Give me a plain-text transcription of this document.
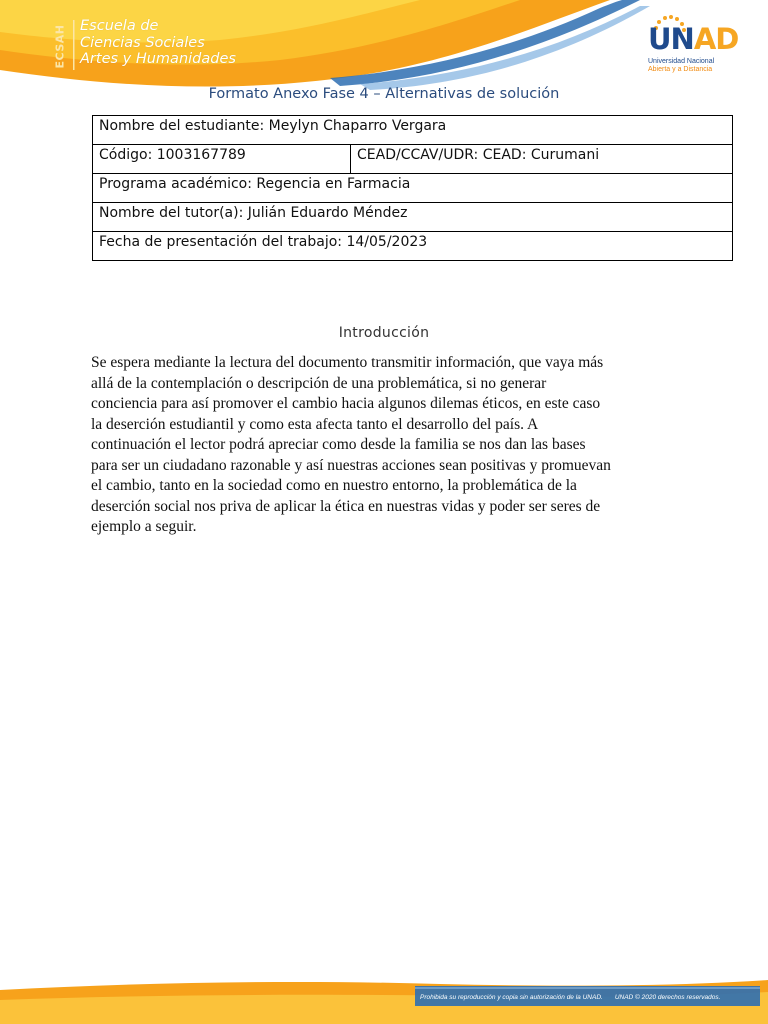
ECSAH Escuela de
Ciencias Sociales
Artes y Humanidades
UNAD
Universidad Nacional
Abierta y a Distancia
Formato Anexo Fase 4 – Alternativas de solución
Nombre del estudiante: Meylyn Chaparro Vergara
Código: 1003167789	CEAD/CCAV/UDR: CEAD: Curumani
Programa académico: Regencia en Farmacia
Nombre del tutor(a): Julián Eduardo Méndez
Fecha de presentación del trabajo: 14/05/2023
Introducción
Se espera mediante la lectura del documento transmitir información, que vaya más
allá de la contemplación o descripción de una problemática, si no generar
conciencia para así promover el cambio hacia algunos dilemas éticos, en este caso
la deserción estudiantil y como esta afecta tanto el desarrollo del país. A
continuación el lector podrá apreciar como desde la familia se nos dan las bases
para ser un ciudadano razonable y así nuestras acciones sean positivas y promuevan
el cambio, tanto en la sociedad como en nuestro entorno, la problemática de la
deserción social nos priva de aplicar la ética en nuestras vidas y poder ser seres de
ejemplo a seguir.
Prohibida su reproducción y copia sin autorización de la UNAD. UNAD © 2020 derechos reservados.
